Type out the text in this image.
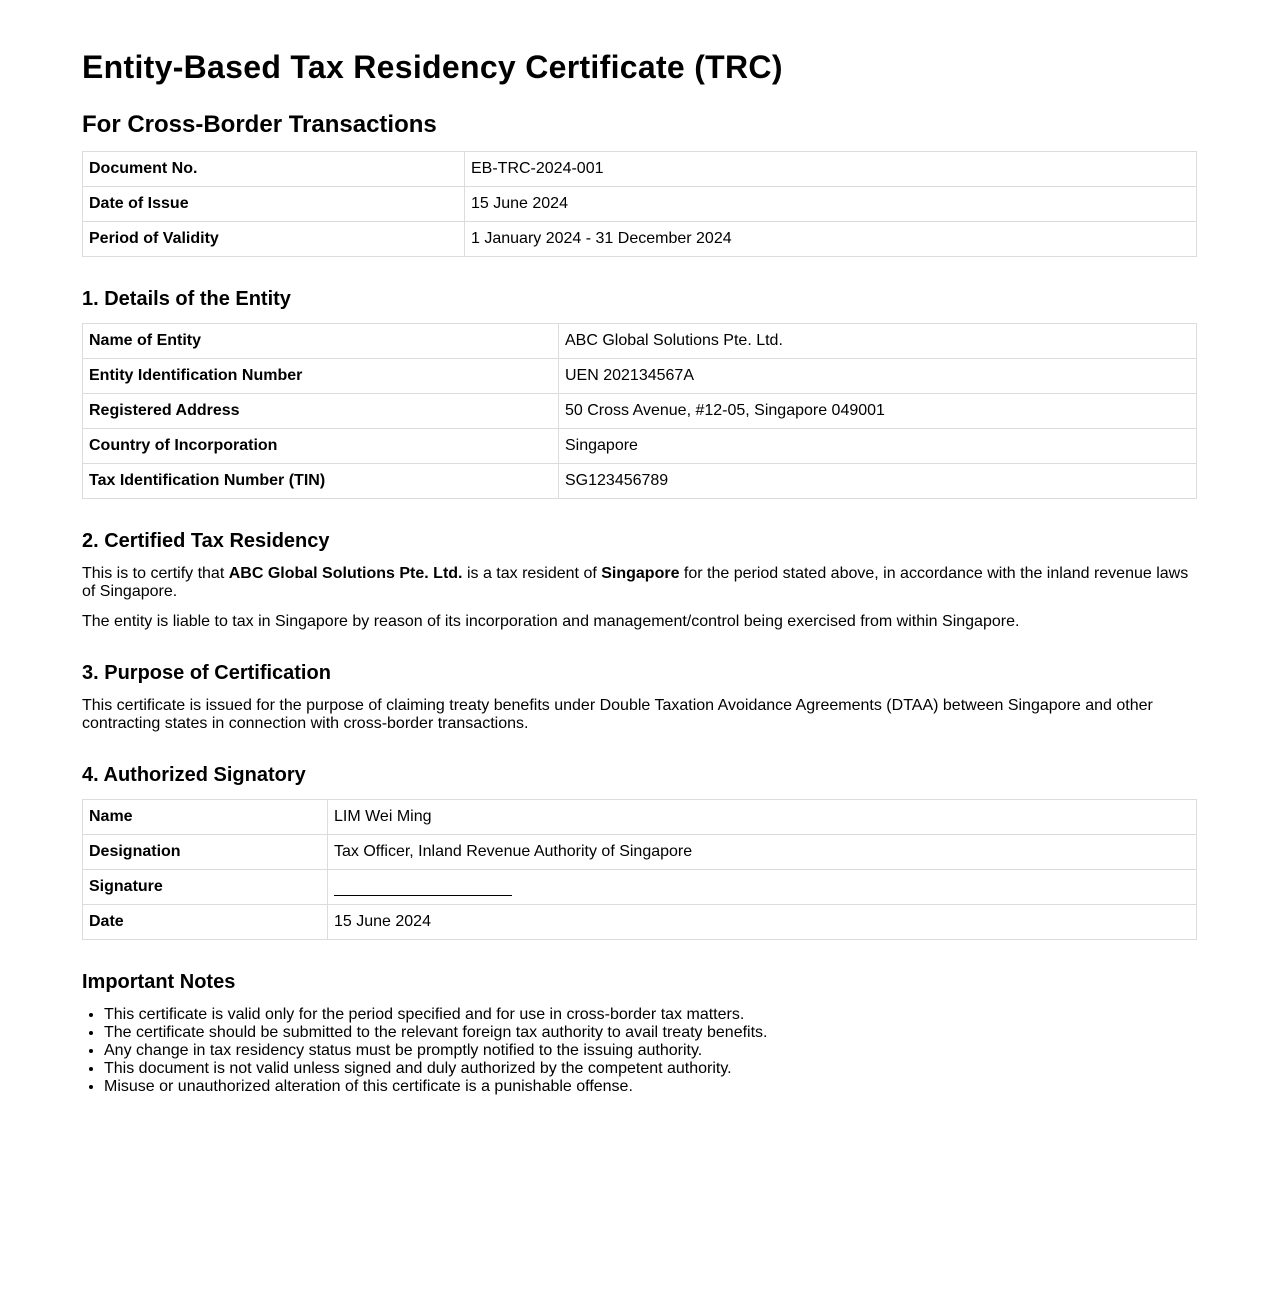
Entity-Based Tax Residency Certificate (TRC)
For Cross-Border Transactions
Document No.	EB-TRC-2024-001
Date of Issue	15 June 2024
Period of Validity	1 January 2024 - 31 December 2024
1. Details of the Entity
Name of Entity	ABC Global Solutions Pte. Ltd.
Entity Identification Number	UEN 202134567A
Registered Address	50 Cross Avenue, #12-05, Singapore 049001
Country of Incorporation	Singapore
Tax Identification Number (TIN)	SG123456789
2. Certified Tax Residency

This is to certify that ABC Global Solutions Pte. Ltd. is a tax resident of Singapore for the period stated above, in accordance with the inland revenue laws of Singapore.

The entity is liable to tax in Singapore by reason of its incorporation and management/control being exercised from within Singapore.

3. Purpose of Certification

This certificate is issued for the purpose of claiming treaty benefits under Double Taxation Avoidance Agreements (DTAA) between Singapore and other contracting states in connection with cross-border transactions.

4. Authorized Signatory
Name	LIM Wei Ming
Designation	Tax Officer, Inland Revenue Authority of Singapore
Signature	
Date	15 June 2024
Important Notes
• This certificate is valid only for the period specified and for use in cross-border tax matters.
• The certificate should be submitted to the relevant foreign tax authority to avail treaty benefits.
• Any change in tax residency status must be promptly notified to the issuing authority.
• This document is not valid unless signed and duly authorized by the competent authority.
• Misuse or unauthorized alteration of this certificate is a punishable offense.
